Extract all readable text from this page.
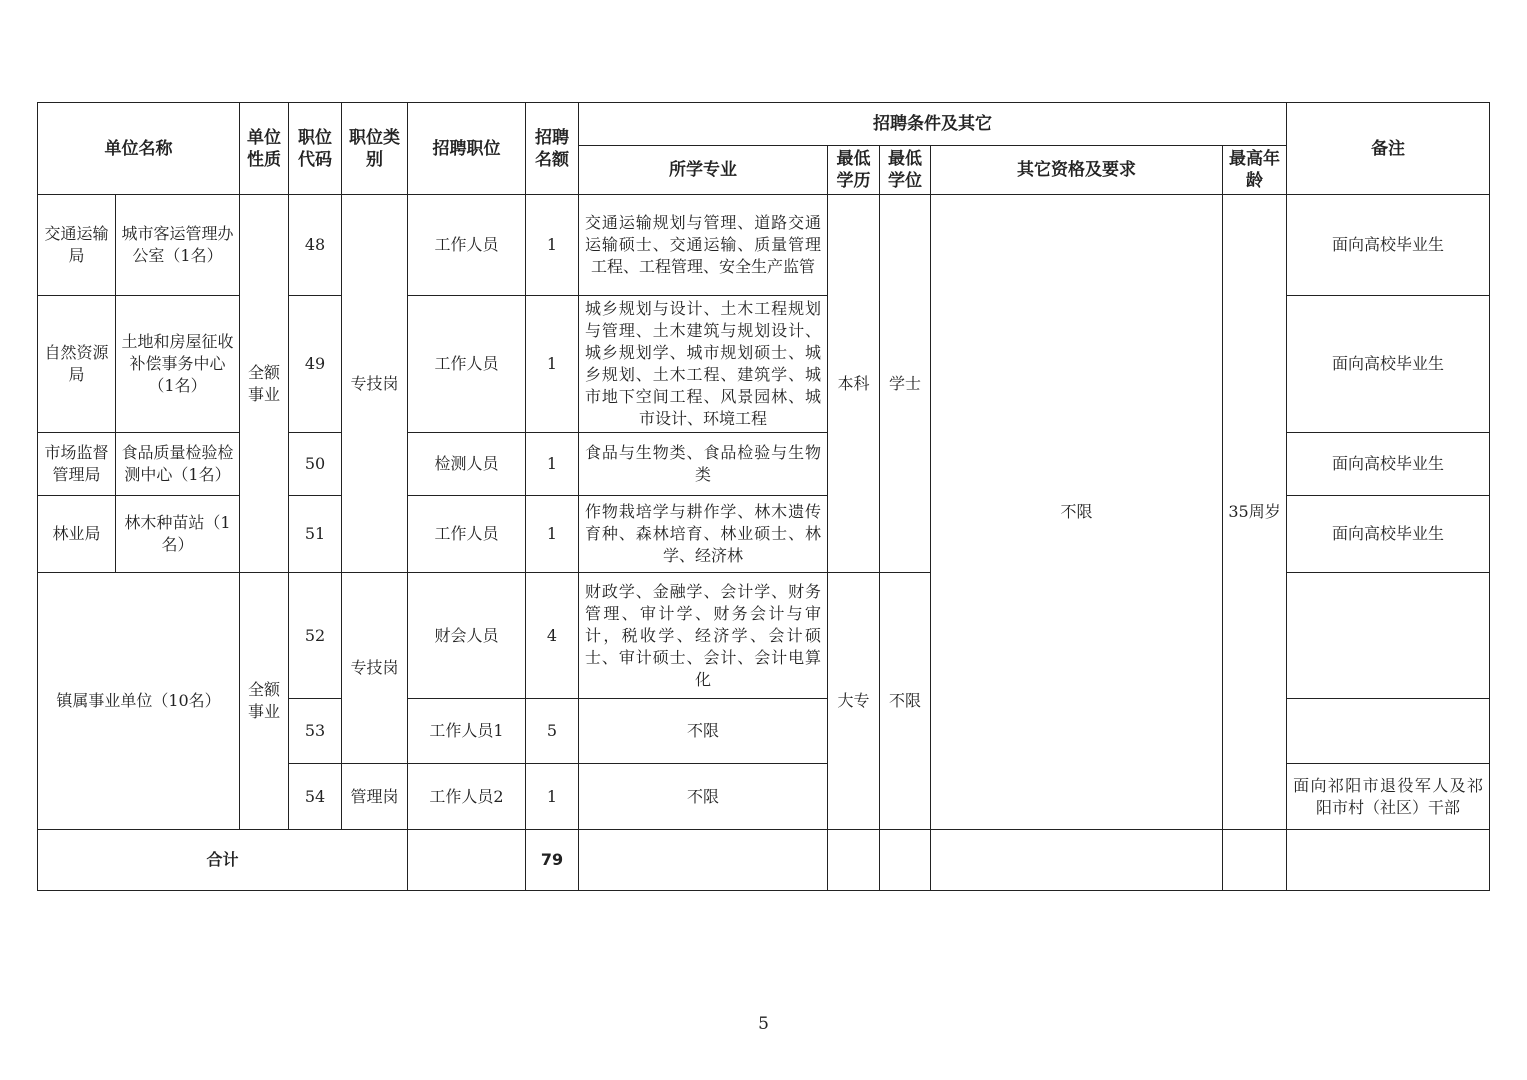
单位名称		单位性质	职位代码	职位类别	招聘职位	招聘名额	招聘条件及其它					备注
							所学专业	最低学历	最低学位	其它资格及要求	最高年龄	
交通运输局	城市客运管理办公室（1名）	全额事业	48	专技岗	工作人员	1	交通运输规划与管理、道路交通运输硕士、交通运输、质量管理工程、工程管理、安全生产监管	本科	学士	不限	35周岁	面向高校毕业生
自然资源局	土地和房屋征收补偿事务中心（1名）		49		工作人员	1	城乡规划与设计、土木工程规划与管理、土木建筑与规划设计、城乡规划学、城市规划硕士、城乡规划、土木工程、建筑学、城市地下空间工程、风景园林、城市设计、环境工程					面向高校毕业生
市场监督管理局	食品质量检验检测中心（1名）		50		检测人员	1	食品与生物类、食品检验与生物类					面向高校毕业生
林业局	林木种苗站（1名）		51		工作人员	1	作物栽培学与耕作学、林木遗传育种、森林培育、林业硕士、林学、经济林					面向高校毕业生
镇属事业单位（10名）		全额事业	52	专技岗	财会人员	4	财政学、金融学、会计学、财务管理、审计学、财务会计与审计，税收学、经济学、会计硕士、审计硕士、会计、会计电算化	大专	不限			
			53		工作人员1	5	不限					
			54	管理岗	工作人员2	1	不限					面向祁阳市退役军人及祁阳市村（社区）干部
合计						79						
5
